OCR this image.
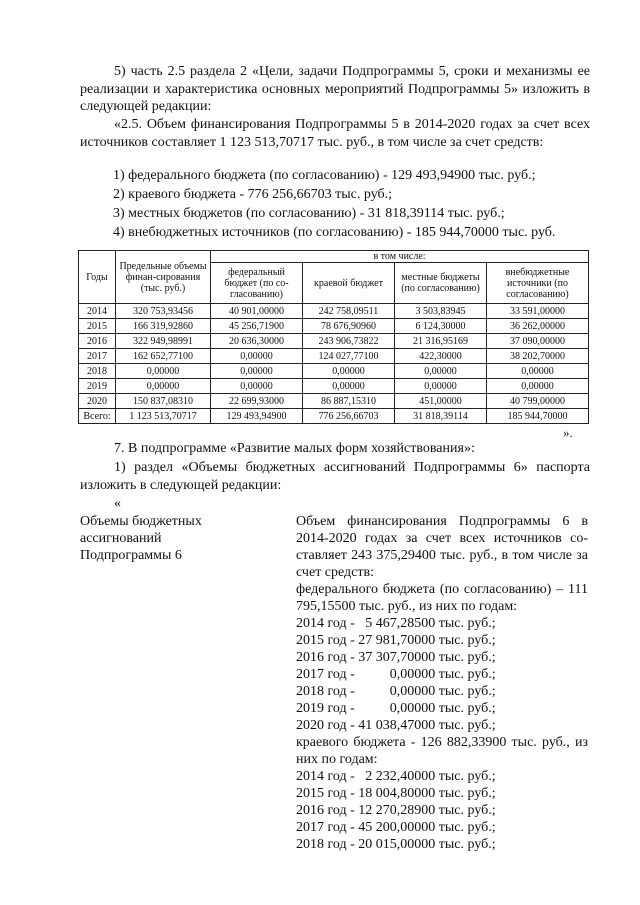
5) часть 2.5 раздела 2 «Цели, задачи Подпрограммы 5, сроки и механизмы ее реализации и характеристика основных мероприятий Подпрограммы 5» изложить в следующей редакции:
«2.5. Объем финансирования Подпрограммы 5 в 2014-2020 годах за счет всех источников составляет 1 123 513,70717 тыс. руб., в том числе за счет средств:
1) федерального бюджета (по согласованию) - 129 493,94900 тыс. руб.;
2) краевого бюджета - 776 256,66703 тыс. руб.;
3) местных бюджетов (по согласованию) - 31 818,39114 тыс. руб.;
4) внебюджетных источников (по согласованию) - 185 944,70000 тыс. руб.
Годы	Предельные объемы финан-сирования (тыс. руб.)	в том числе:			
		федеральный бюджет (по со-гласованию)	краевой бюджет	местные бюджеты (по согласованию)	внебюджетные источники (по согласованию)
2014	320 753,93456	40 901,00000	242 758,09511	3 503,83945	33 591,00000
2015	166 319,92860	45 256,71900	78 676,90960	6 124,30000	36 262,00000
2016	322 949,98991	20 636,30000	243 906,73822	21 316,95169	37 090,00000
2017	162 652,77100	0,00000	124 027,77100	422,30000	38 202,70000
2018	0,00000	0,00000	0,00000	0,00000	0,00000
2019	0,00000	0,00000	0,00000	0,00000	0,00000
2020	150 837,08310	22 699,93000	86 887,15310	451,00000	40 799,00000
Всего:	1 123 513,70717	129 493,94900	776 256,66703	31 818,39114	185 944,70000
».
7. В подпрограмме «Развитие малых форм хозяйствования»:
1) раздел «Объемы бюджетных ассигнований Подпрограммы 6» паспорта изложить в следующей редакции:
«
Объемы бюджетных
ассигнований
Подпрограммы 6
Объем финансирования Подпрограммы 6 в 2014-2020 годах за счет всех источников со-ставляет 243 375,29400 тыс. руб., в том числе за счет средств:
федерального бюджета (по согласованию) – 111 795,15500 тыс. руб., из них по годам:
2014 год -   5 467,28500 тыс. руб.;
2015 год - 27 981,70000 тыс. руб.;
2016 год - 37 307,70000 тыс. руб.;
2017 год -          0,00000 тыс. руб.;
2018 год -          0,00000 тыс. руб.;
2019 год -          0,00000 тыс. руб.;
2020 год - 41 038,47000 тыс. руб.;
краевого бюджета - 126 882,33900 тыс. руб., из них по годам:
2014 год -   2 232,40000 тыс. руб.;
2015 год - 18 004,80000 тыс. руб.;
2016 год - 12 270,28900 тыс. руб.;
2017 год - 45 200,00000 тыс. руб.;
2018 год - 20 015,00000 тыс. руб.;
